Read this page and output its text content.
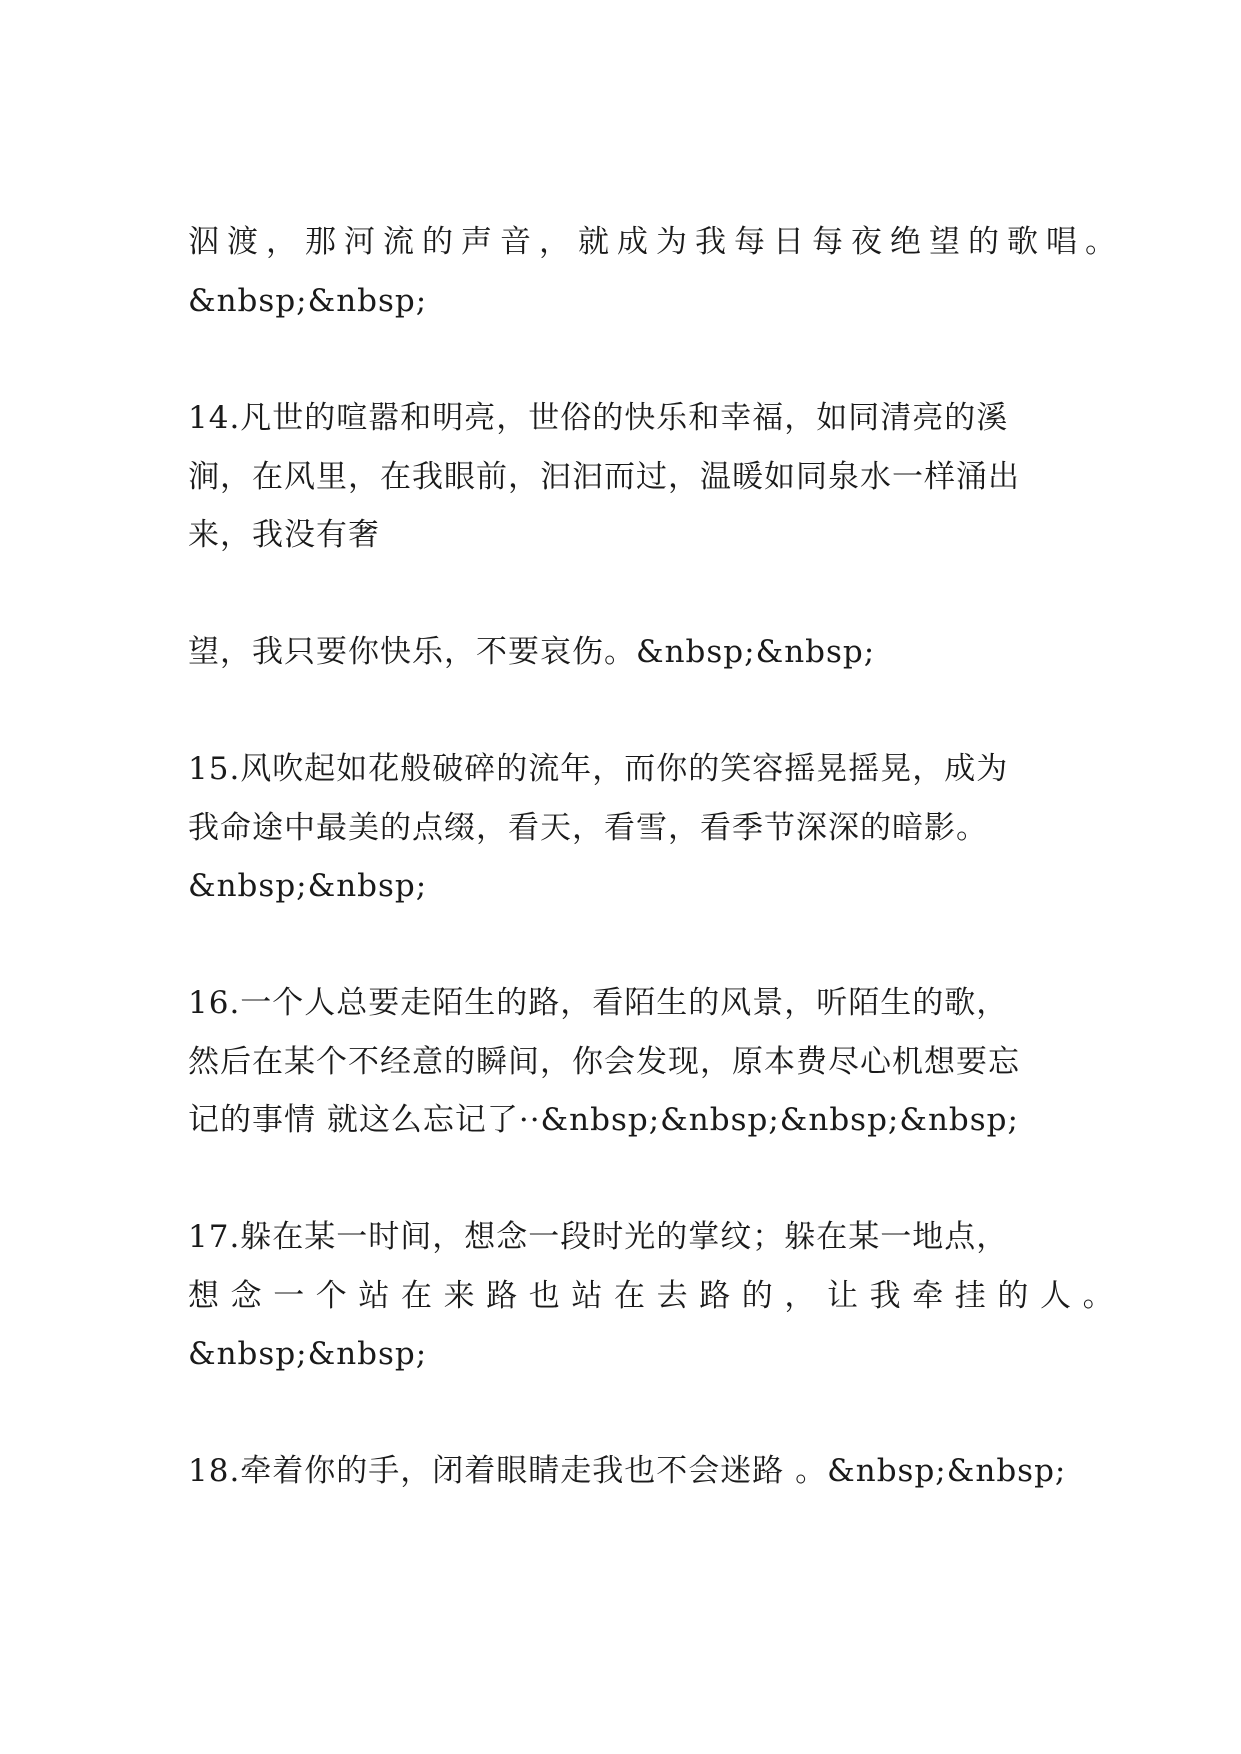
泅渡，那河流的声音，就成为我每日每夜绝望的歌唱。
&nbsp;&nbsp;
14.凡世的喧嚣和明亮，世俗的快乐和幸福，如同清亮的溪
涧，在风里，在我眼前，汩汩而过，温暖如同泉水一样涌出
来，我没有奢
望，我只要你快乐，不要哀伤。&nbsp;&nbsp;
15.风吹起如花般破碎的流年，而你的笑容摇晃摇晃，成为
我命途中最美的点缀，看天，看雪，看季节深深的暗影。
&nbsp;&nbsp;
16.一个人总要走陌生的路，看陌生的风景，听陌生的歌，
然后在某个不经意的瞬间，你会发现，原本费尽心机想要忘
记的事情 就这么忘记了··&nbsp;&nbsp;&nbsp;&nbsp;
17.躲在某一时间，想念一段时光的掌纹；躲在某一地点，
想念一个站在来路也站在去路的，让我牵挂的人。
&nbsp;&nbsp;
18.牵着你的手，闭着眼睛走我也不会迷路 。&nbsp;&nbsp;
